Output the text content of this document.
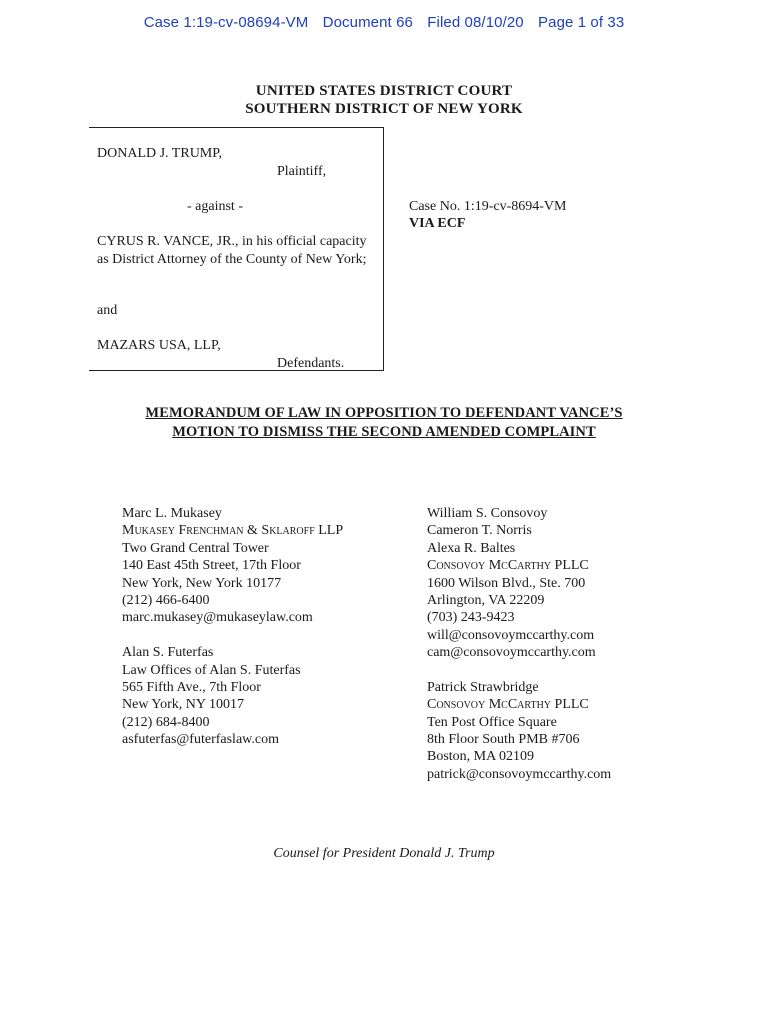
Case 1:19-cv-08694-VM Document 66 Filed 08/10/20 Page 1 of 33
UNITED STATES DISTRICT COURT
SOUTHERN DISTRICT OF NEW YORK
DONALD J. TRUMP,
Plaintiff,
- against -
CYRUS R. VANCE, JR., in his official capacity as District Attorney of the County of New York;
and
MAZARS USA, LLP,
Defendants.
Case No. 1:19-cv-8694-VM
VIA ECF
MEMORANDUM OF LAW IN OPPOSITION TO DEFENDANT VANCE’S
MOTION TO DISMISS THE SECOND AMENDED COMPLAINT
Marc L. Mukasey
Mukasey Frenchman & Sklaroff LLP
Two Grand Central Tower
140 East 45th Street, 17th Floor
New York, New York 10177
(212) 466-6400
marc.mukasey@mukaseylaw.com
Alan S. Futerfas
Law Offices of Alan S. Futerfas
565 Fifth Ave., 7th Floor
New York, NY 10017
(212) 684-8400
asfuterfas@futerfaslaw.com
William S. Consovoy
Cameron T. Norris
Alexa R. Baltes
Consovoy McCarthy PLLC
1600 Wilson Blvd., Ste. 700
Arlington, VA 22209
(703) 243-9423
will@consovoymccarthy.com
cam@consovoymccarthy.com
Patrick Strawbridge
Consovoy McCarthy PLLC
Ten Post Office Square
8th Floor South PMB #706
Boston, MA 02109
patrick@consovoymccarthy.com
Counsel for President Donald J. Trump
